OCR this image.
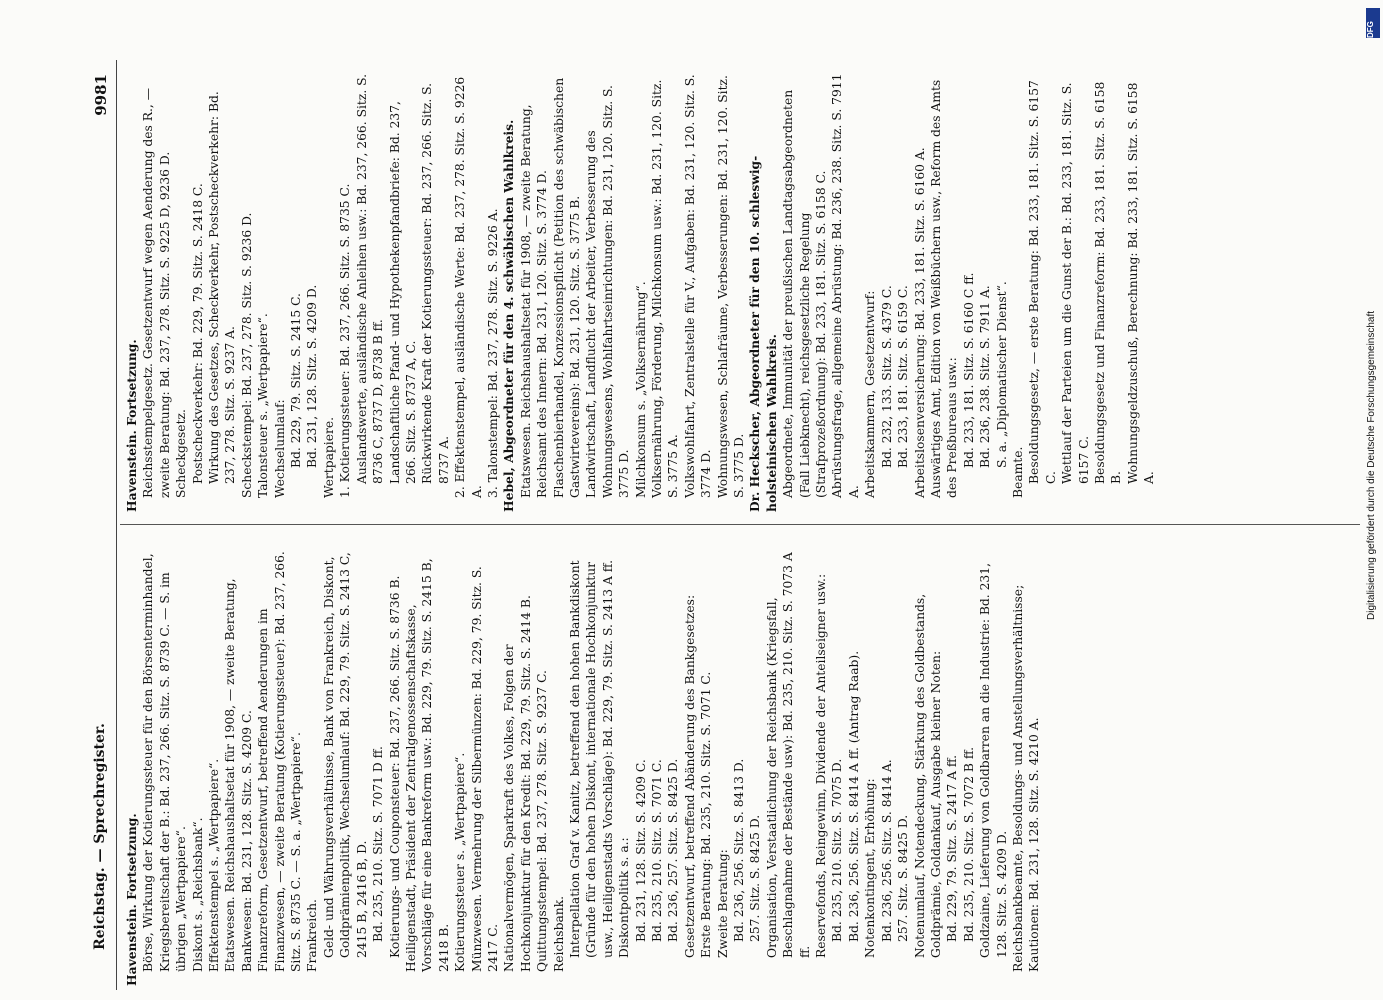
Reichstag. — Sprechregister.
9981

Havenstein. Fortsetzung. Börse, Wirkung der Kotierungssteuer für den Börsenterminhandel, Kriegsbereitschaft der B.: Bd. 237, 266. Sitz. S. 8739 C. — S. im übrigen „Wertpapiere“. Diskont s. „Reichsbank“. Effektenstempel s. „Wertpapiere“. Etatswesen. Reichshaushaltsetat für 1908, — zweite Beratung, Bankwesen: Bd. 231, 128. Sitz. S. 4209 C. Finanzreform, Gesetzentwurf, betreffend Aenderungen im Finanzwesen, — zweite Beratung (Kotierungssteuer): Bd. 237, 266. Sitz. S. 8735 C. — S. a. „Wertpapiere“. Frankreich. Geld- und Währungsverhältnisse, Bank von Frankreich, Diskont, Goldprämienpolitik, Wechselumlauf: Bd. 229, 79. Sitz. S. 2413 C, 2415 B, 2416 B, D. Bd. 235, 210. Sitz. S. 7071 D ff. Kotierungs- und Couponsteuer: Bd. 237, 266. Sitz. S. 8736 B. Heiligenstadt, Präsident der Zentralgenossenschaftskasse, Vorschläge für eine Bankreform usw.: Bd. 229, 79. Sitz. S. 2415 B, 2418 B. Kotierungssteuer s. „Wertpapiere“. Münzwesen. Vermehrung der Silbermünzen: Bd. 229, 79. Sitz. S. 2417 C. Nationalvermögen, Sparkraft des Volkes, Folgen der Hochkonjunktur für den Kredit: Bd. 229, 79. Sitz. S. 2414 B. Quittungsstempel: Bd. 237, 278. Sitz. S. 9237 C. Reichsbank. Interpellation Graf v. Kanitz, betreffend den hohen Bankdiskont (Gründe für den hohen Diskont, internationale Hochkonjunktur usw., Heiligenstadts Vorschläge): Bd. 229, 79. Sitz. S. 2413 A ff. Diskontpolitik s. a.: Bd. 231, 128. Sitz. S. 4209 C. Bd. 235, 210. Sitz. S. 7071 C. Bd. 236, 257. Sitz. S. 8425 D. Gesetzentwurf, betreffend Abänderung des Bankgesetzes: Erste Beratung: Bd. 235, 210. Sitz. S. 7071 C. Zweite Beratung: Bd. 236, 256. Sitz. S. 8413 D. 257. Sitz. S. 8425 D. Organisation, Verstaatlichung der Reichsbank (Kriegsfall, Beschlagnahme der Bestände usw): Bd. 235, 210. Sitz. S. 7073 A ff. Reservefonds, Reingewinn, Dividende der Anteilseigner usw.: Bd. 235, 210. Sitz. S. 7075 D. Bd. 236, 256. Sitz. S. 8414 A ff. (Antrag Raab). Notenkontingent, Erhöhung: Bd. 236, 256. Sitz. S. 8414 A. 257. Sitz. S. 8425 D. Notenumlauf, Notendeckung, Stärkung des Goldbestands, Goldprämie, Goldankauf, Ausgabe kleiner Noten: Bd. 229, 79. Sitz. S. 2417 A ff. Bd. 235, 210. Sitz. S. 7072 B ff. Goldzaine, Lieferung von Goldbarren an die Industrie: Bd. 231, 128. Sitz. S. 4209 D. Reichsbankbeamte, Besoldungs- und Anstellungsverhältnisse; Kautionen: Bd. 231, 128. Sitz. S. 4210 A.

Havenstein. Fortsetzung. Reichsstempelgesetz. Gesetzentwurf wegen Aenderung des R., — zweite Beratung: Bd. 237, 278. Sitz. S. 9225 D, 9236 D. Scheckgesetz. Postscheckverkehr: Bd. 229, 79. Sitz. S. 2418 C. Wirkung des Gesetzes, Scheckverkehr, Postscheckverkehr: Bd. 237, 278. Sitz. S. 9237 A. Scheckstempel: Bd. 237, 278. Sitz. S. 9236 D. Talonsteuer s. „Wertpapiere“. Wechselumlauf: Bd. 229, 79. Sitz. S. 2415 C. Bd. 231, 128. Sitz. S. 4209 D. Wertpapiere. 1. Kotierungssteuer: Bd. 237, 266. Sitz. S. 8735 C. Auslandswerte, ausländische Anleihen usw.: Bd. 237, 266. Sitz. S. 8736 C, 8737 D, 8738 B ff. Landschaftliche Pfand- und Hypothekenpfandbriefe: Bd. 237, 266. Sitz. S. 8737 A, C. Rückwirkende Kraft der Kotierungssteuer: Bd. 237, 266. Sitz. S. 8737 A. 2. Effektenstempel, ausländische Werte: Bd. 237, 278. Sitz. S. 9226 A. 3. Talonstempel: Bd. 237, 278. Sitz. S. 9226 A. Hebel, Abgeordneter für den 4. schwäbischen Wahlkreis. Etatswesen. Reichshaushaltsetat für 1908, — zweite Beratung, Reichsamt des Innern: Bd. 231, 120. Sitz. S. 3774 D. Flaschenbierhandel, Konzessionspflicht (Petition des schwäbischen Gastwirtevereins): Bd. 231, 120. Sitz. S. 3775 B. Landwirtschaft, Landflucht der Arbeiter, Verbesserung des Wohnungswesens, Wohlfahrtseinrichtungen: Bd. 231, 120. Sitz. S. 3775 D. Milchkonsum s. „Volksernährung“. Volksernährung, Förderung, Milchkonsum usw.: Bd. 231, 120. Sitz. S. 3775 A. Volkswohlfahrt, Zentralstelle für V., Aufgaben: Bd. 231, 120. Sitz. S. 3774 D. Wohnungswesen, Schlafräume, Verbesserungen: Bd. 231, 120. Sitz. S. 3775 D. Dr. Heckscher, Abgeordneter für den 10. schleswig-holsteinischen Wahlkreis. Abgeordnete, Immunität der preußischen Landtagsabgeordneten (Fall Liebknecht), reichsgesetzliche Regelung (Strafprozeßordnung): Bd. 233, 181. Sitz. S. 6158 C. Abrüstungsfrage, allgemeine Abrüstung: Bd. 236, 238. Sitz. S. 7911 A. Arbeitskammern, Gesetzentwurf: Bd. 232, 133. Sitz. S. 4379 C. Bd. 233, 181. Sitz. S. 6159 C. Arbeitslosenversicherung: Bd. 233, 181. Sitz. S. 6160 A. Auswärtiges Amt, Edition von Weißbüchern usw., Reform des Amts des Preßbureaus usw.: Bd. 233, 181. Sitz. S. 6160 C ff. Bd. 236, 238. Sitz. S. 7911 A. S. a. „Diplomatischer Dienst“.

Beamte. Besoldungsgesetz, — erste Beratung: Bd. 233, 181. Sitz. S. 6157 C. Wettlauf der Parteien um die Gunst der B.: Bd. 233, 181. Sitz. S. 6157 C. Besoldungsgesetz und Finanzreform: Bd. 233, 181. Sitz. S. 6158 B. Wohnungsgeldzuschuß, Berechnung: Bd. 233, 181. Sitz. S. 6158 A.

DFG
Digitalisierung gefördert durch die Deutsche Forschungsgemeinschaft
